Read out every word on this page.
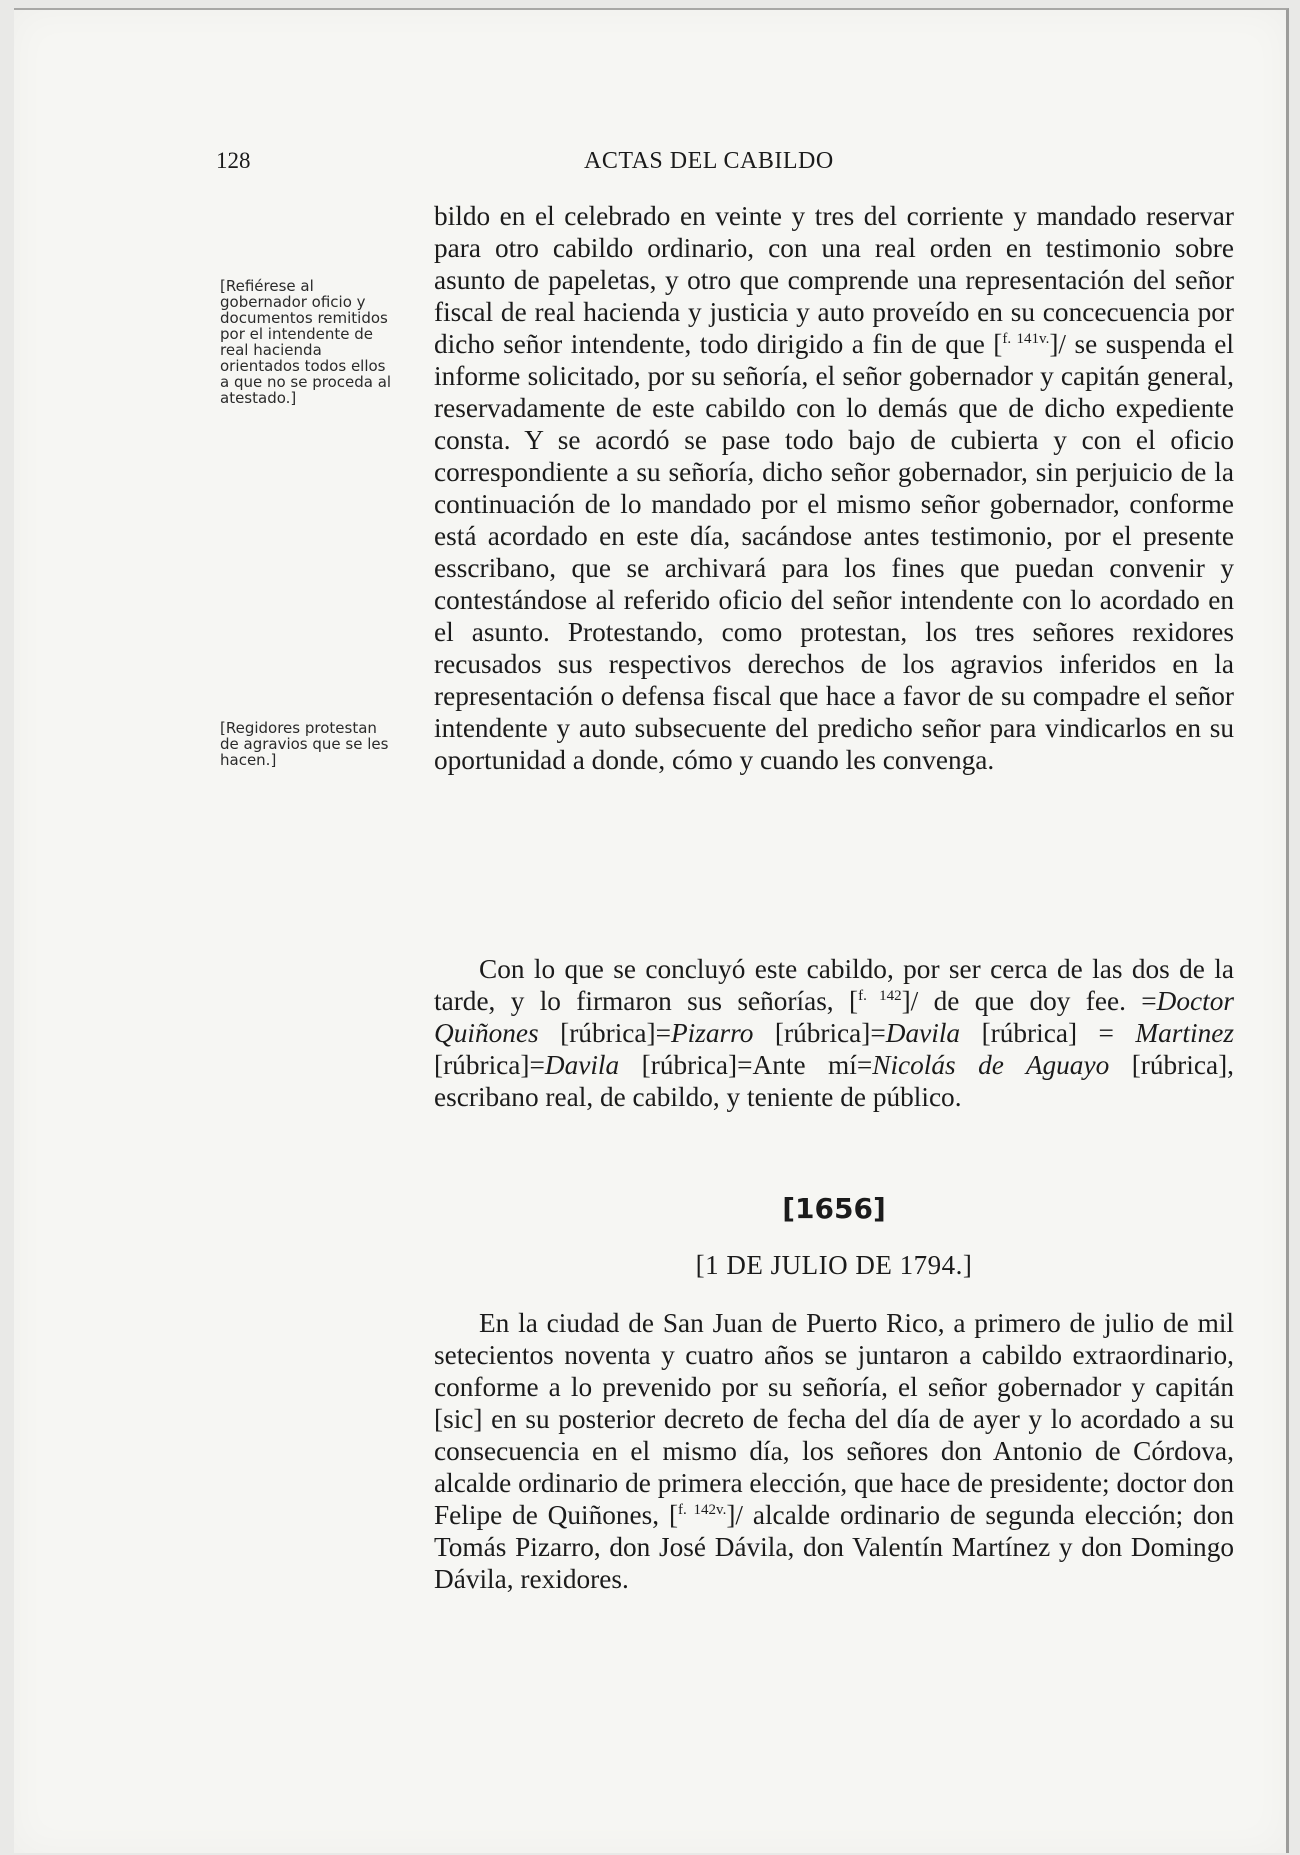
128	ACTAS DEL CABILDO
[Refiérese al gobernador oficio y documentos remitidos por el intendente de real hacienda orientados todos ellos a que no se proceda al atestado.]
[Regidores protestan de agravios que se les hacen.]
bildo en el celebrado en veinte y tres del corriente y mandado reservar para otro cabildo ordinario, con una real orden en testimonio sobre asunto de papeletas, y otro que comprende una representación del señor fiscal de real hacienda y justicia y auto proveído en su concecuencia por dicho señor intendente, todo dirigido a fin de que [$^{f. 141v.}$]/ se suspenda el informe solicitado, por su señoría, el señor gobernador y capitán general, reservadamente de este cabildo con lo demás que de dicho expediente consta. Y se acordó se pase todo bajo de cubierta y con el oficio correspondiente a su señoría, dicho señor gobernador, sin perjuicio de la continuación de lo mandado por el mismo señor gobernador, conforme está acordado en este día, sacándose antes testimonio, por el presente esscribano, que se archivará para los fines que puedan convenir y contestándose al referido oficio del señor intendente con lo acordado en el asunto. Protestando, como protestan, los tres señores rexidores recusados sus respectivos derechos de los agravios inferidos en la representación o defensa fiscal que hace a favor de su compadre el señor intendente y auto subsecuente del predicho señor para vindicarlos en su oportunidad a donde, cómo y cuando les convenga.
Con lo que se concluyó este cabildo, por ser cerca de las dos de la tarde, y lo firmaron sus señorías, [$^{f. 142}$]/ de que doy fee. =Doctor Quiñones [rúbrica]=Pizarro [rúbrica]=Davila [rúbrica] = Martinez [rúbrica]=Davila [rúbrica]=Ante mí=Nicolás de Aguayo [rúbrica], escribano real, de cabildo, y teniente de público.
[1656]
[1 DE JULIO DE 1794.]
En la ciudad de San Juan de Puerto Rico, a primero de julio de mil setecientos noventa y cuatro años se juntaron a cabildo extraordinario, conforme a lo prevenido por su señoría, el señor gobernador y capitán [sic] en su posterior decreto de fecha del día de ayer y lo acordado a su consecuencia en el mismo día, los señores don Antonio de Córdova, alcalde ordinario de primera elección, que hace de presidente; doctor don Felipe de Quiñones, [$^{f. 142v.}$]/ alcalde ordinario de segunda elección; don Tomás Pizarro, don José Dávila, don Valentín Martínez y don Domingo Dávila, rexidores.
